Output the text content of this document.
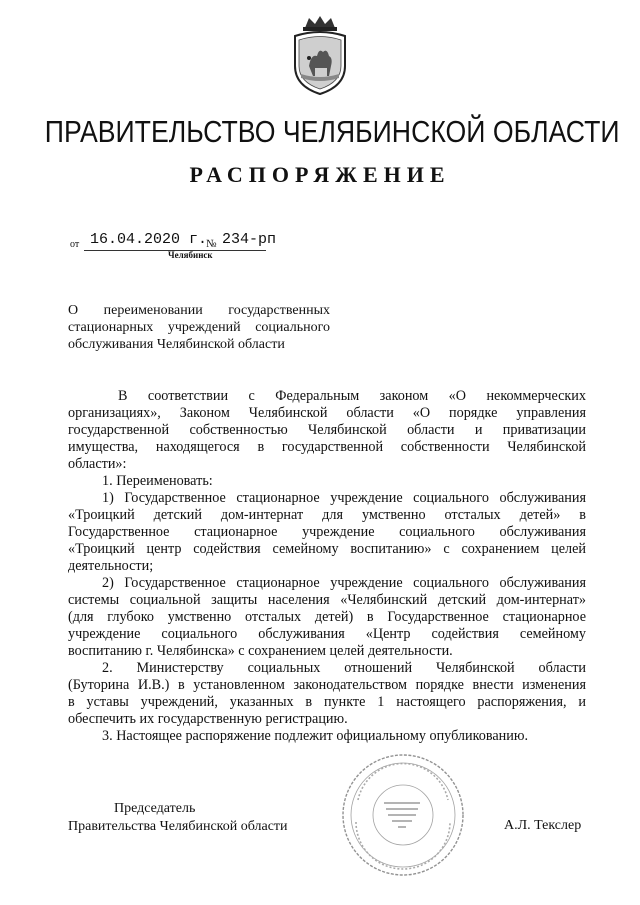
ПРАВИТЕЛЬСТВО ЧЕЛЯБИНСКОЙ ОБЛАСТИ
РАСПОРЯЖЕНИЕ
от 16.04.2020 г.
№ 234-рп
Челябинск
О переименовании государственных
стационарных учреждений социального
обслуживания Челябинской области
В соответствии с Федеральным законом «О некоммерческих
организациях», Законом Челябинской области «О порядке управления
государственной собственностью Челябинской области и приватизации
имущества, находящегося в государственной собственности Челябинской
области»:
1. Переименовать:
1) Государственное стационарное учреждение социального обслуживания
«Троицкий детский дом-интернат для умственно отсталых детей» в
Государственное стационарное учреждение социального обслуживания
«Троицкий центр содействия семейному воспитанию» с сохранением целей
деятельности;
2) Государственное стационарное учреждение социального обслуживания
системы социальной защиты населения «Челябинский детский дом-интернат»
(для глубоко умственно отсталых детей) в Государственное стационарное
учреждение социального обслуживания «Центр содействия семейному
воспитанию г. Челябинска» с сохранением целей деятельности.
2. Министерству социальных отношений Челябинской области
(Буторина И.В.) в установленном законодательством порядке внести изменения
в уставы учреждений, указанных в пункте 1 настоящего распоряжения, и
обеспечить их государственную регистрацию.
3. Настоящее распоряжение подлежит официальному опубликованию.
Председатель
Правительства Челябинской области	А.Л. Текслер
